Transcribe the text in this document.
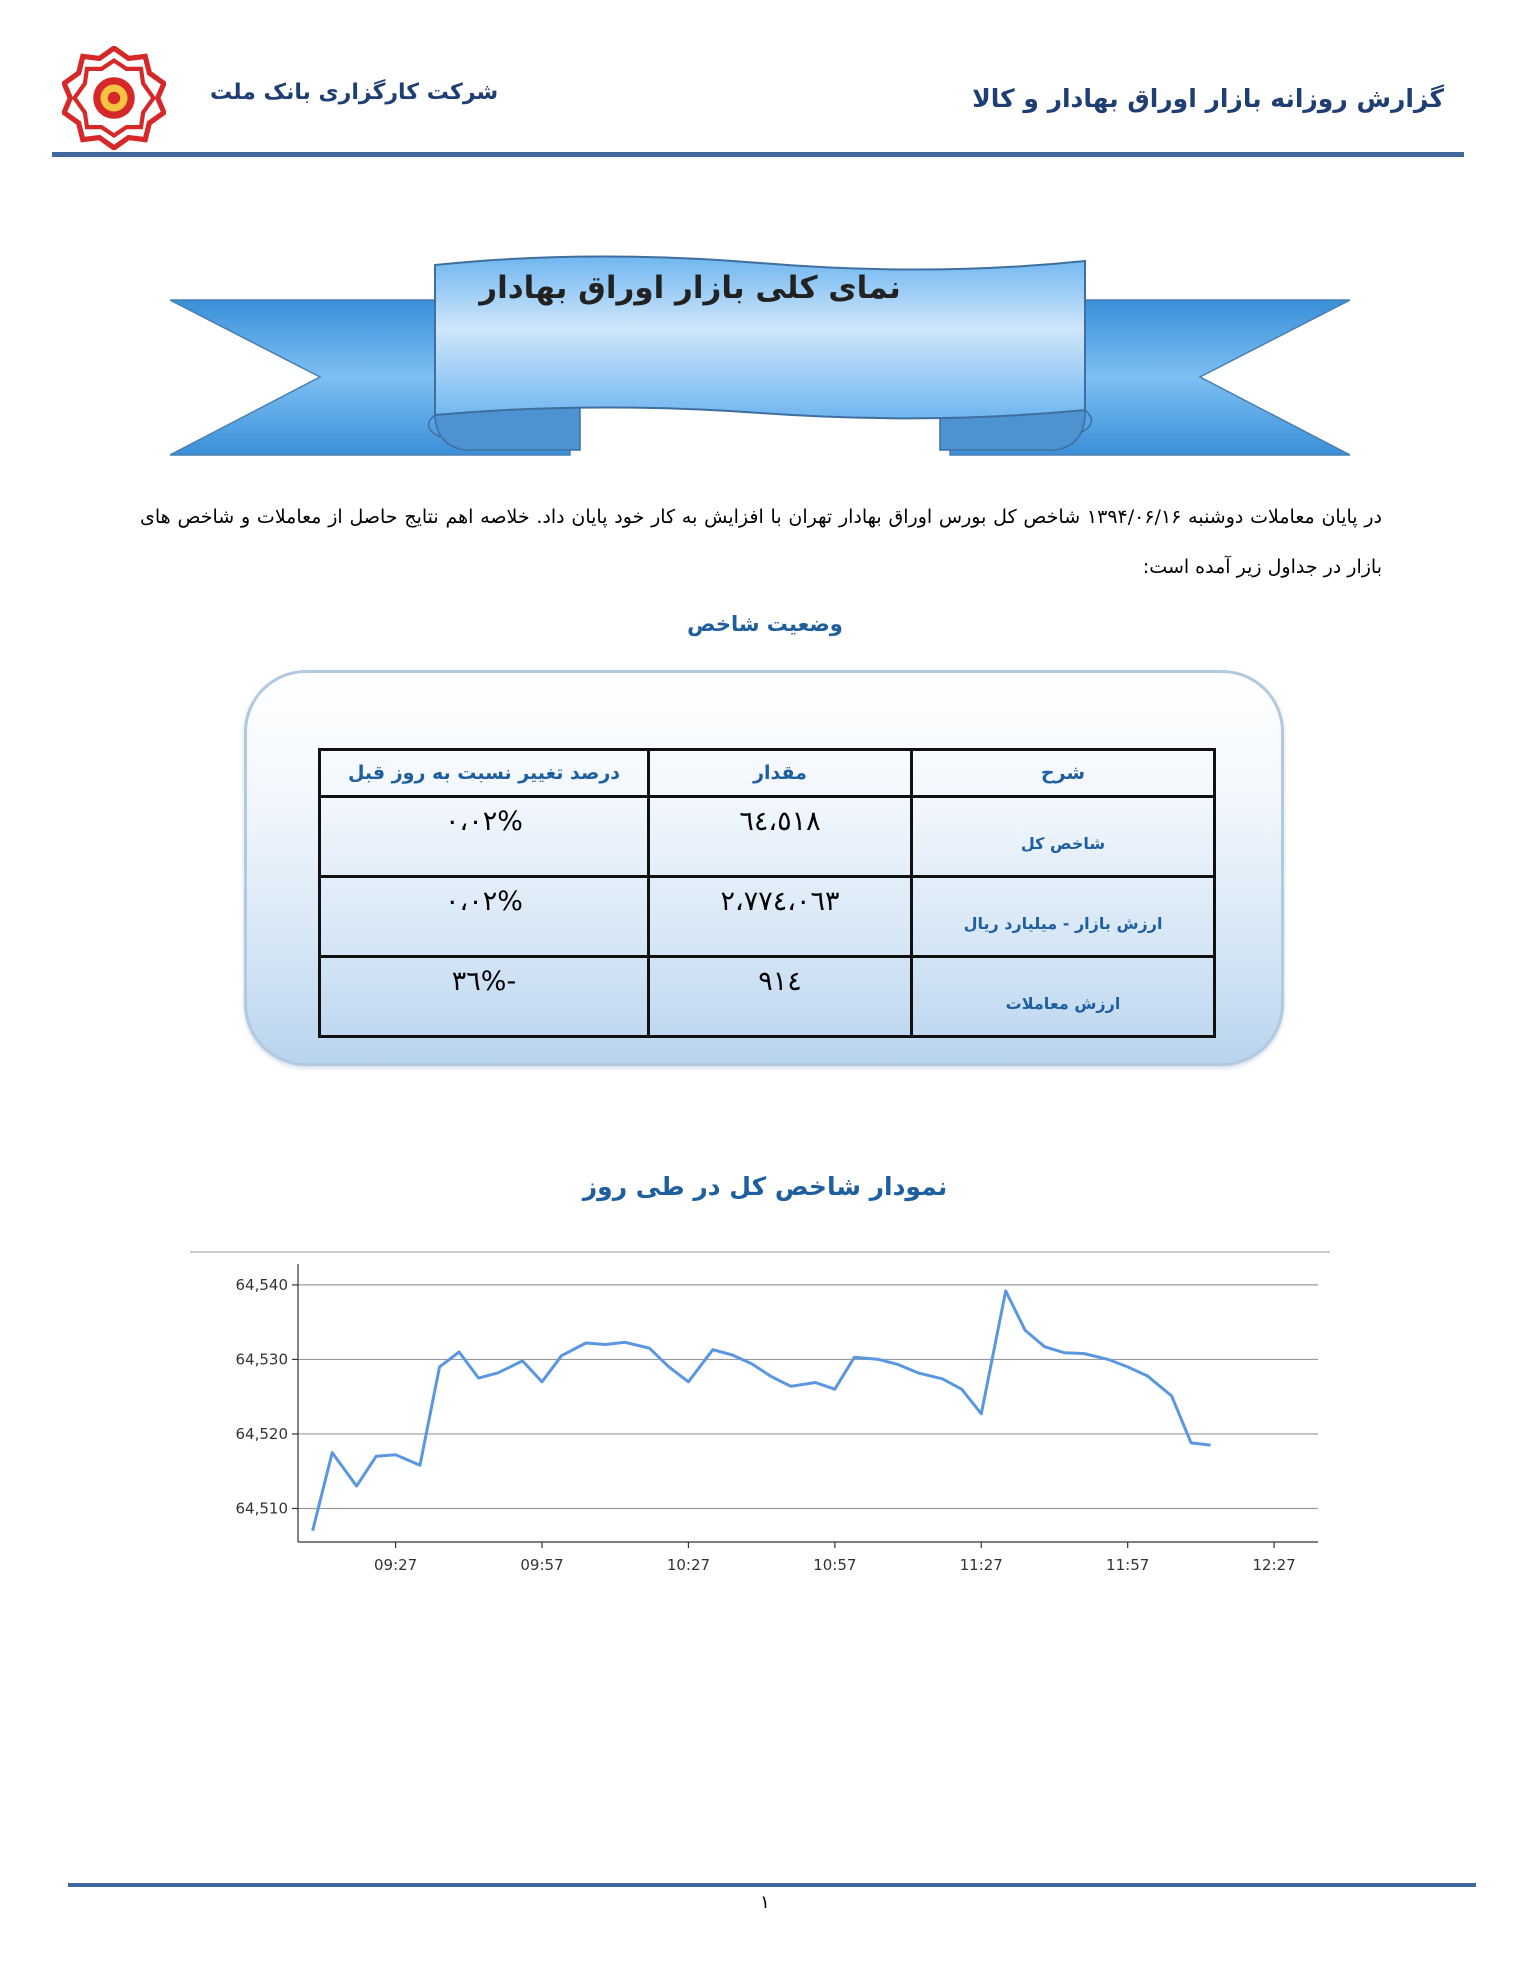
شرکت کارگزاری بانک ملت	گزارش روزانه بازار اوراق بهادار و کالا
نمای کلی بازار اوراق بهادار
در پایان معاملات دوشنبه ۱۳۹۴/۰۶/۱۶ شاخص کل بورس اوراق بهادار تهران با افزایش به کار خود پایان داد. خلاصه اهم نتایج حاصل از معاملات و شاخص های بازار در جداول زیر آمده است:
وضعیت شاخص
شرح	مقدار	درصد تغییر نسبت به روز قبل
شاخص کل	٦٤،٥١٨	%٠،٠٢
ارزش بازار - میلیارد ریال	٢،٧٧٤،٠٦٣	%٠،٠٢
ارزش معاملات	٩١٤	-%٣٦
نمودار شاخص کل در طی روز
64,510
64,520
64,530
64,540
09:27	09:57	10:27	10:57	11:27	11:57	12:27
١
